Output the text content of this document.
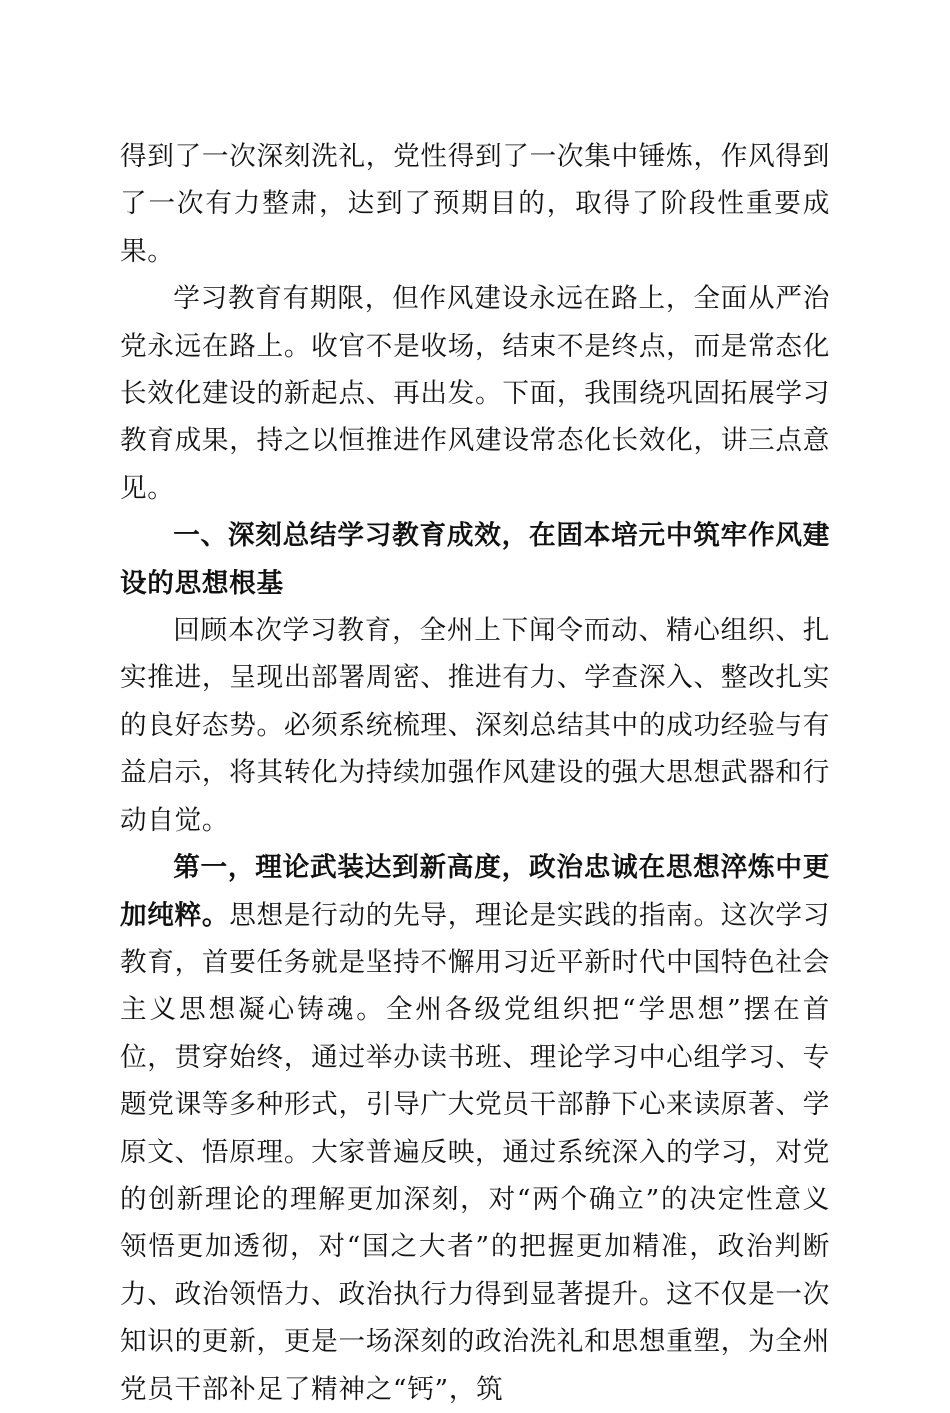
得到了一次深刻洗礼，党性得到了一次集中锤炼，作风得到了一次有力整肃，达到了预期目的，取得了阶段性重要成果。

学习教育有期限，但作风建设永远在路上，全面从严治党永远在路上。收官不是收场，结束不是终点，而是常态化长效化建设的新起点、再出发。下面，我围绕巩固拓展学习教育成果，持之以恒推进作风建设常态化长效化，讲三点意见。

一、深刻总结学习教育成效，在固本培元中筑牢作风建设的思想根基

回顾本次学习教育，全州上下闻令而动、精心组织、扎实推进，呈现出部署周密、推进有力、学查深入、整改扎实的良好态势。必须系统梳理、深刻总结其中的成功经验与有益启示，将其转化为持续加强作风建设的强大思想武器和行动自觉。

第一，理论武装达到新高度，政治忠诚在思想淬炼中更加纯粹。思想是行动的先导，理论是实践的指南。这次学习教育，首要任务就是坚持不懈用习近平新时代中国特色社会主义思想凝心铸魂。全州各级党组织把“学思想”摆在首位，贯穿始终，通过举办读书班、理论学习中心组学习、专题党课等多种形式，引导广大党员干部静下心来读原著、学原文、悟原理。大家普遍反映，通过系统深入的学习，对党的创新理论的理解更加深刻，对“两个确立”的决定性意义领悟更加透彻，对“国之大者”的把握更加精准，政治判断力、政治领悟力、政治执行力得到显著提升。这不仅是一次知识的更新，更是一场深刻的政治洗礼和思想重塑，为全州党员干部补足了精神之“钙”，筑
